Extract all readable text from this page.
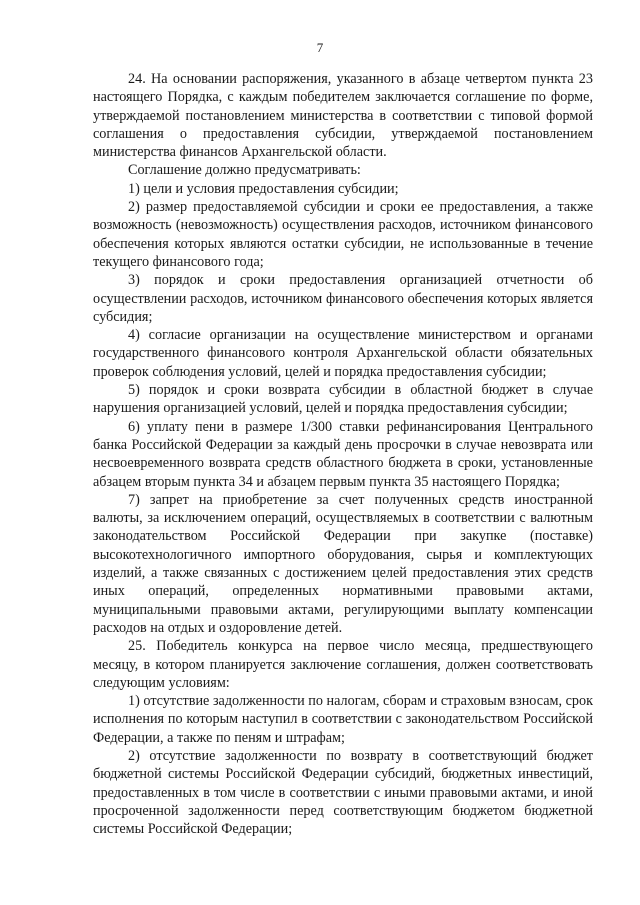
7

24. На основании распоряжения, указанного в абзаце четвертом пункта 23 настоящего Порядка, с каждым победителем заключается соглашение по форме, утверждаемой постановлением министерства в соответствии с типовой формой соглашения о предоставления субсидии, утверждаемой постановлением министерства финансов Архангельской области.

Соглашение должно предусматривать:

1) цели и условия предоставления субсидии;

2) размер предоставляемой субсидии и сроки ее предоставления, а также возможность (невозможность) осуществления расходов, источником финансового обеспечения которых являются остатки субсидии, не использованные в течение текущего финансового года;

3) порядок и сроки предоставления организацией отчетности об осуществлении расходов, источником финансового обеспечения которых является субсидия;

4) согласие организации на осуществление министерством и органами государственного финансового контроля Архангельской области обязательных проверок соблюдения условий, целей и порядка предоставления субсидии;

5) порядок и сроки возврата субсидии в областной бюджет в случае нарушения организацией условий, целей и порядка предоставления субсидии;

6) уплату пени в размере 1/300 ставки рефинансирования Центрального банка Российской Федерации за каждый день просрочки в случае невозврата или несвоевременного возврата средств областного бюджета в сроки, установленные абзацем вторым пункта 34 и абзацем первым пункта 35 настоящего Порядка;

7) запрет на приобретение за счет полученных средств иностранной валюты, за исключением операций, осуществляемых в соответствии с валютным законодательством Российской Федерации при закупке (поставке) высокотехнологичного импортного оборудования, сырья и комплектующих изделий, а также связанных с достижением целей предоставления этих средств иных операций, определенных нормативными правовыми актами, муниципальными правовыми актами, регулирующими выплату компенсации расходов на отдых и оздоровление детей.

25. Победитель конкурса на первое число месяца, предшествующего месяцу, в котором планируется заключение соглашения, должен соответствовать следующим условиям:

1) отсутствие задолженности по налогам, сборам и страховым взносам, срок исполнения по которым наступил в соответствии с законодательством Российской Федерации, а также по пеням и штрафам;

2) отсутствие задолженности по возврату в соответствующий бюджет бюджетной системы Российской Федерации субсидий, бюджетных инвестиций, предоставленных в том числе в соответствии с иными правовыми актами, и иной просроченной задолженности перед соответствующим бюджетом бюджетной системы Российской Федерации;
